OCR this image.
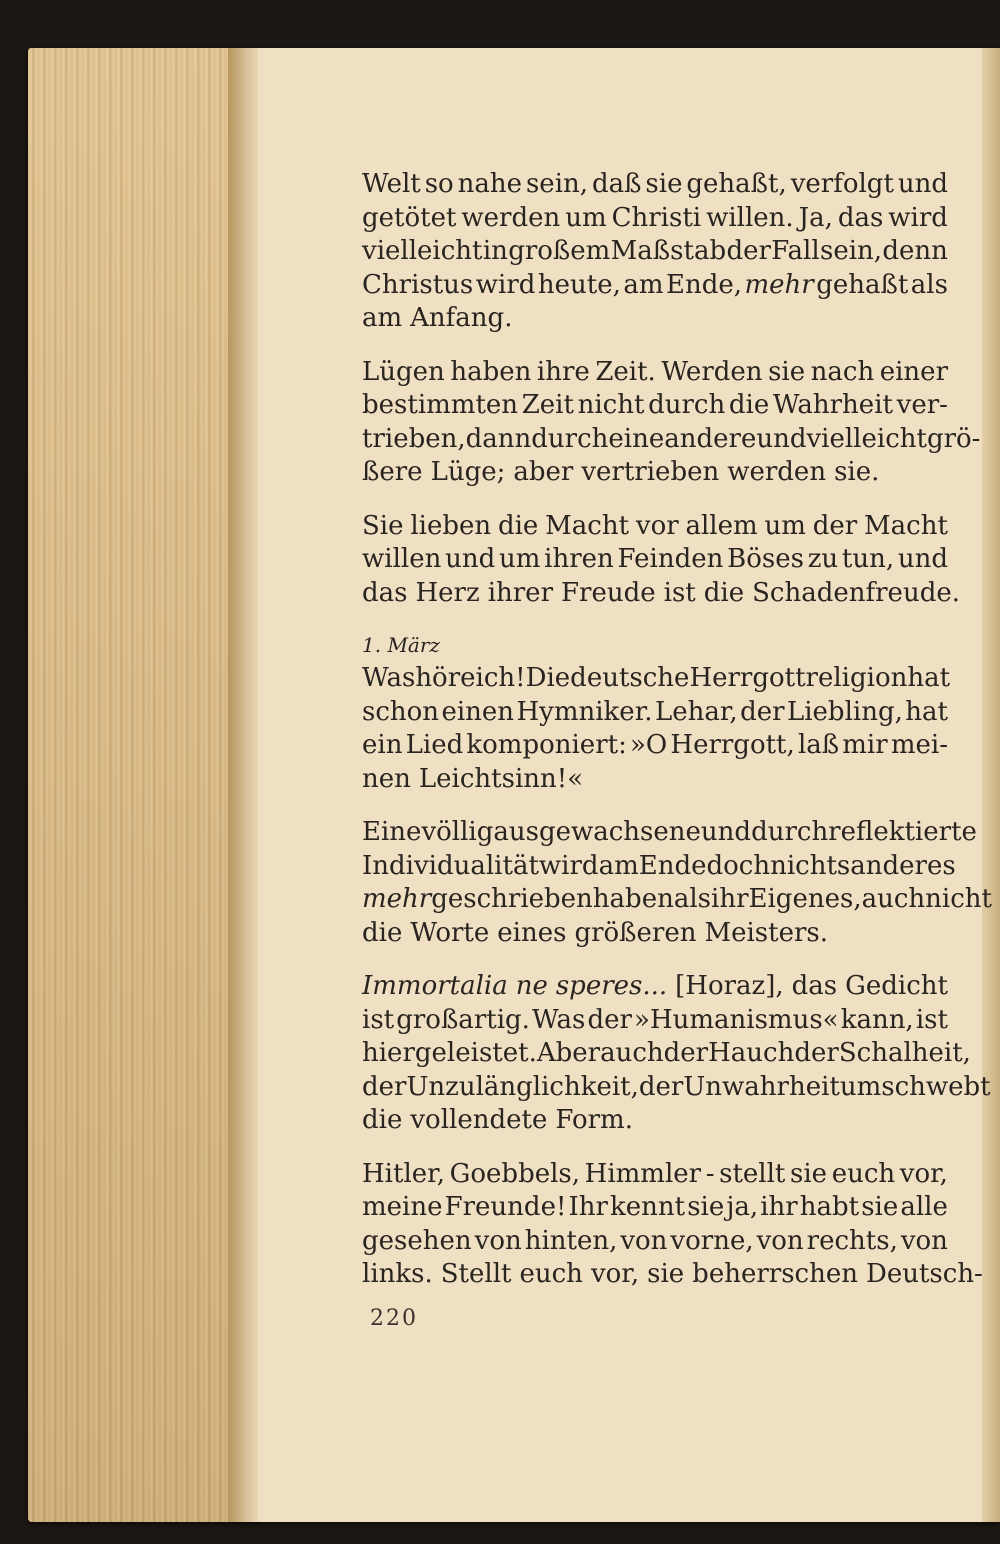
Welt so nahe sein, daß sie gehaßt, verfolgt und
getötet werden um Christi willen. Ja, das wird
vielleicht in großem Maßstab der Fall sein, denn
Christus wird heute, am Ende, mehr gehaßt als
am Anfang.
Lügen haben ihre Zeit. Werden sie nach einer
bestimmten Zeit nicht durch die Wahrheit ver-
trieben, dann durch eine andere und vielleicht grö-
ßere Lüge; aber vertrieben werden sie.
Sie lieben die Macht vor allem um der Macht
willen und um ihren Feinden Böses zu tun, und
das Herz ihrer Freude ist die Schadenfreude.
1. März
Was höre ich! Die deutsche Herrgottreligion hat
schon einen Hymniker. Lehar, der Liebling, hat
ein Lied komponiert: »O Herrgott, laß mir mei-
nen Leichtsinn!«
Eine völlig ausgewachsene und durchreflektierte
Individualität wird am Ende doch nichts anderes
mehr geschrieben haben als ihr Eigenes, auch nicht
die Worte eines größeren Meisters.
Immortalia ne speres... [Horaz], das Gedicht
ist großartig. Was der »Humanismus« kann, ist
hier geleistet. Aber auch der Hauch der Schalheit,
der Unzulänglichkeit, der Unwahrheit umschwebt
die vollendete Form.
Hitler, Goebbels, Himmler - stellt sie euch vor,
meine Freunde! Ihr kennt sie ja, ihr habt sie alle
gesehen von hinten, von vorne, von rechts, von
links. Stellt euch vor, sie beherrschen Deutsch-
220
